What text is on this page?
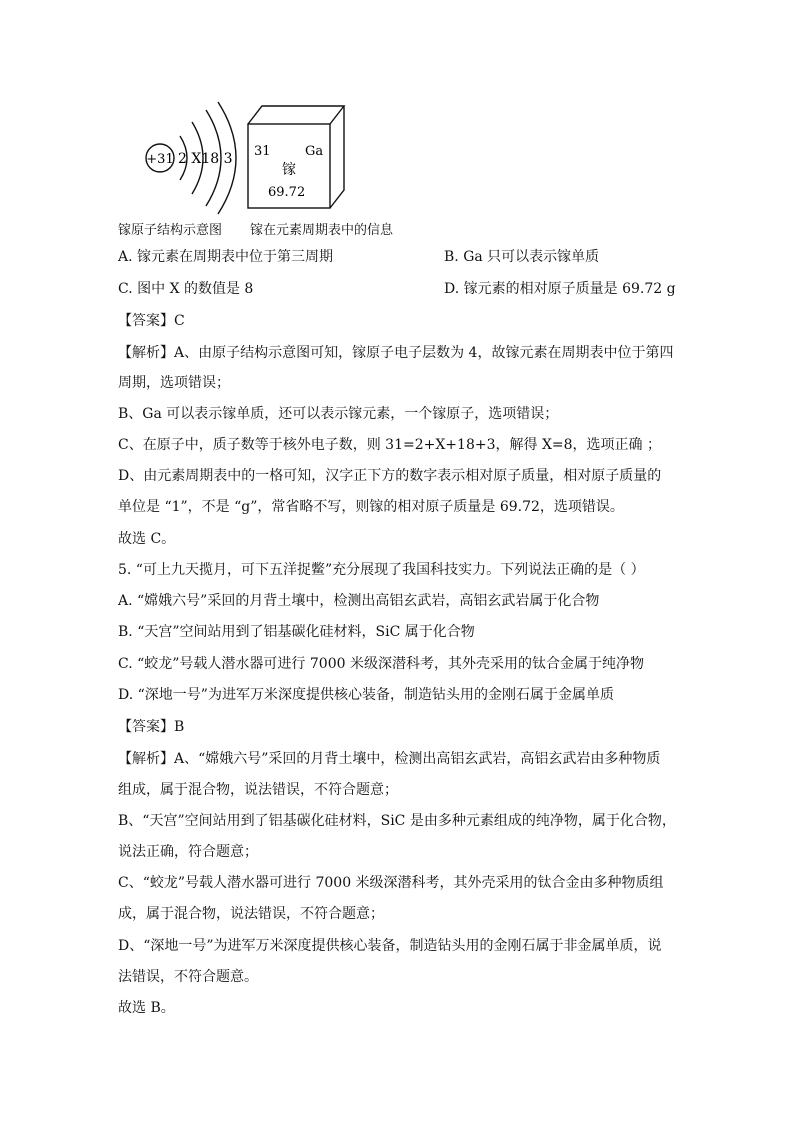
+31 2 X18 3 31	Ga
镓
69.72
镓原子结构示意图 镓在元素周期表中的信息
A. 镓元素在周期表中位于第三周期	B. Ga 只可以表示镓单质
C. 图中 X 的数值是 8	D. 镓元素的相对原子质量是 69.72 g
【答案】C
【解析】A、由原子结构示意图可知，镓原子电子层数为 4，故镓元素在周期表中位于第四
周期，选项错误；
B、Ga 可以表示镓单质，还可以表示镓元素，一个镓原子，选项错误；
C、在原子中，质子数等于核外电子数，则 31=2+X+18+3，解得 X=8，选项正确 ；
D、由元素周期表中的一格可知，汉字正下方的数字表示相对原子质量，相对原子质量的
单位是 “1”，不是 “g”，常省略不写，则镓的相对原子质量是 69.72，选项错误。
故选 C。
5. “可上九天揽月，可下五洋捉鳖”充分展现了我国科技实力。下列说法正确的是（ ）
A. “嫦娥六号”采回的月背土壤中，检测出高铝玄武岩，高铝玄武岩属于化合物
B. “天宫”空间站用到了铝基碳化硅材料，SiC 属于化合物
C. “蛟龙”号载人潜水器可进行 7000 米级深潜科考，其外壳采用的钛合金属于纯净物
D. “深地一号”为进军万米深度提供核心装备，制造钻头用的金刚石属于金属单质
【答案】B
【解析】A、“嫦娥六号”采回的月背土壤中，检测出高铝玄武岩，高铝玄武岩由多种物质
组成，属于混合物，说法错误，不符合题意；
B、“天宫”空间站用到了铝基碳化硅材料，SiC 是由多种元素组成的纯净物，属于化合物，
说法正确，符合题意；
C、“蛟龙”号载人潜水器可进行 7000 米级深潜科考，其外壳采用的钛合金由多种物质组
成，属于混合物，说法错误，不符合题意；
D、“深地一号”为进军万米深度提供核心装备，制造钻头用的金刚石属于非金属单质，说
法错误，不符合题意。
故选 B。
